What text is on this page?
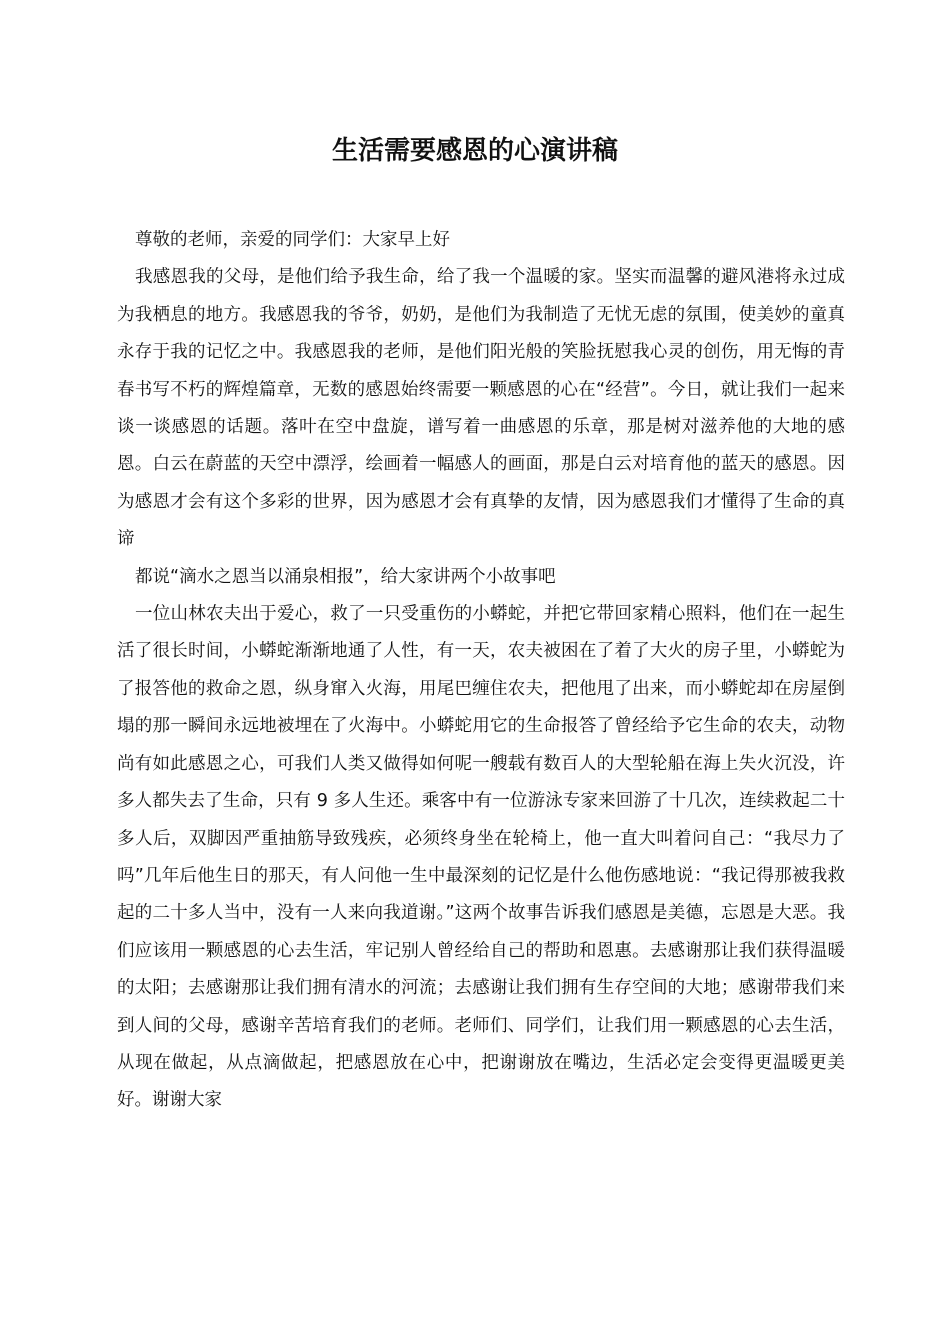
生活需要感恩的心演讲稿

尊敬的老师，亲爱的同学们：大家早上好

我感恩我的父母，是他们给予我生命，给了我一个温暖的家。坚实而温馨的避风港将永过成为我栖息的地方。我感恩我的爷爷，奶奶，是他们为我制造了无忧无虑的氛围，使美妙的童真永存于我的记忆之中。我感恩我的老师，是他们阳光般的笑脸抚慰我心灵的创伤，用无悔的青春书写不朽的辉煌篇章，无数的感恩始终需要一颗感恩的心在“经营”。今日，就让我们一起来谈一谈感恩的话题。落叶在空中盘旋，谱写着一曲感恩的乐章，那是树对滋养他的大地的感恩。白云在蔚蓝的天空中漂浮，绘画着一幅感人的画面，那是白云对培育他的蓝天的感恩。因为感恩才会有这个多彩的世界，因为感恩才会有真挚的友情，因为感恩我们才懂得了生命的真谛

都说“滴水之恩当以涌泉相报”，给大家讲两个小故事吧

一位山林农夫出于爱心，救了一只受重伤的小蟒蛇，并把它带回家精心照料，他们在一起生活了很长时间，小蟒蛇渐渐地通了人性，有一天，农夫被困在了着了大火的房子里，小蟒蛇为了报答他的救命之恩，纵身窜入火海，用尾巴缠住农夫，把他甩了出来，而小蟒蛇却在房屋倒塌的那一瞬间永远地被埋在了火海中。小蟒蛇用它的生命报答了曾经给予它生命的农夫，动物尚有如此感恩之心，可我们人类又做得如何呢一艘载有数百人的大型轮船在海上失火沉没，许多人都失去了生命，只有 9 多人生还。乘客中有一位游泳专家来回游了十几次，连续救起二十多人后，双脚因严重抽筋导致残疾，必须终身坐在轮椅上，他一直大叫着问自己：“我尽力了吗”几年后他生日的那天，有人问他一生中最深刻的记忆是什么他伤感地说：“我记得那被我救起的二十多人当中，没有一人来向我道谢。”这两个故事告诉我们感恩是美德，忘恩是大恶。我们应该用一颗感恩的心去生活，牢记别人曾经给自己的帮助和恩惠。去感谢那让我们获得温暖的太阳；去感谢那让我们拥有清水的河流；去感谢让我们拥有生存空间的大地；感谢带我们来到人间的父母，感谢辛苦培育我们的老师。老师们、同学们，让我们用一颗感恩的心去生活，从现在做起，从点滴做起，把感恩放在心中，把谢谢放在嘴边，生活必定会变得更温暖更美好。谢谢大家
